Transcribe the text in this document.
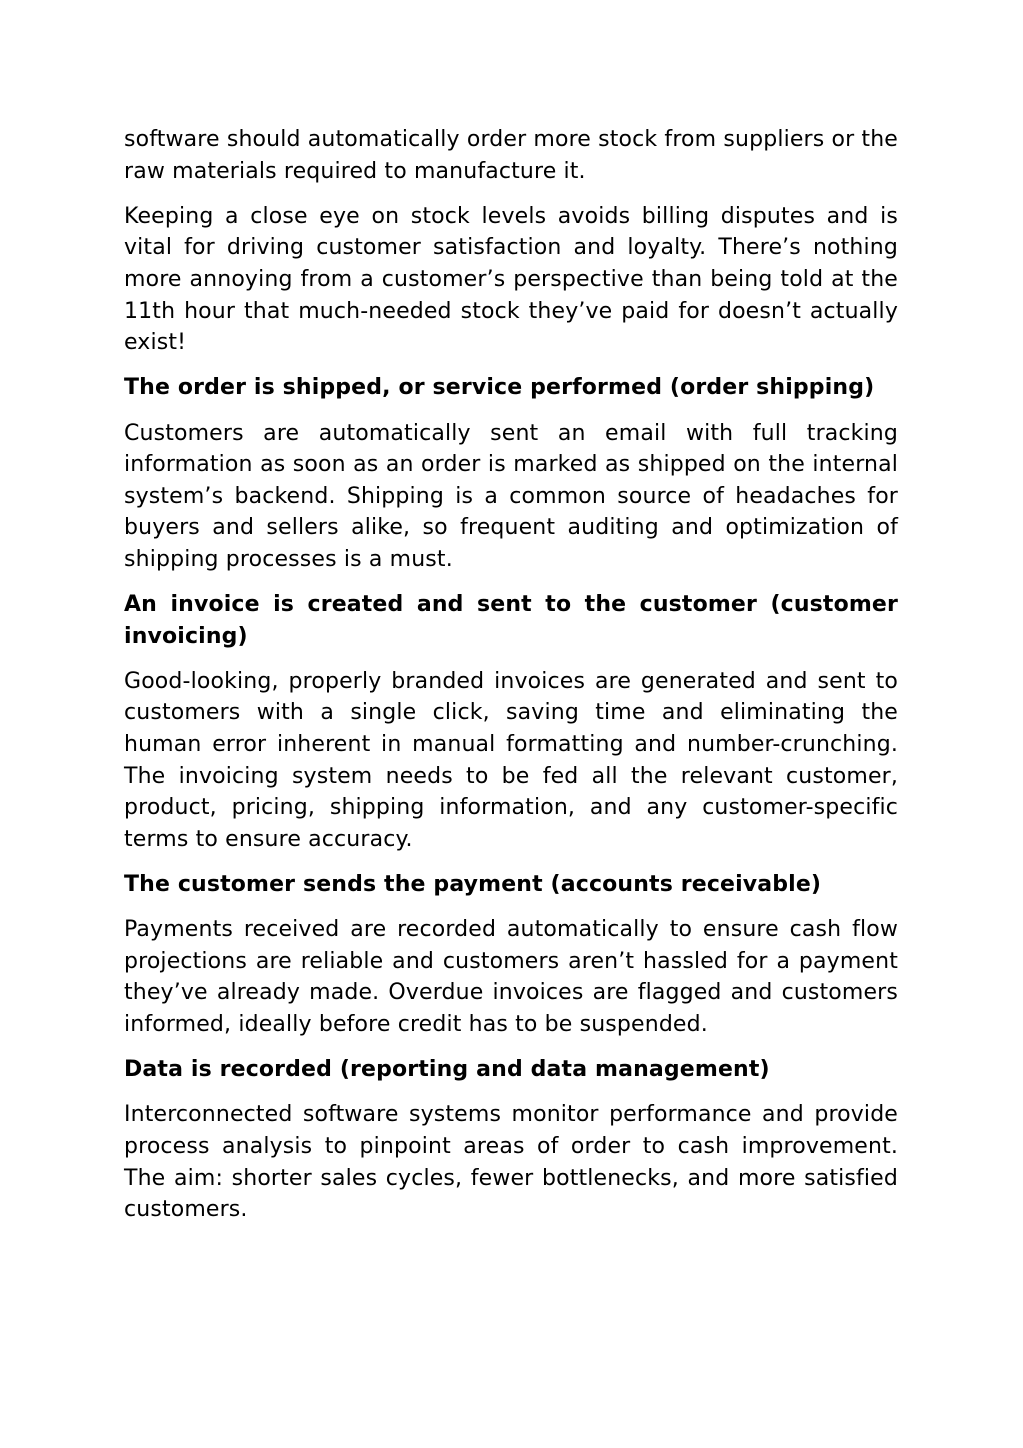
software should automatically order more stock from suppliers or the raw materials required to manufacture it.

Keeping a close eye on stock levels avoids billing disputes and is vital for driving customer satisfaction and loyalty. There’s nothing more annoying from a customer’s perspective than being told at the 11th hour that much-needed stock they’ve paid for doesn’t actually exist!

The order is shipped, or service performed (order shipping)

Customers are automatically sent an email with full tracking information as soon as an order is marked as shipped on the internal system’s backend. Shipping is a common source of headaches for buyers and sellers alike, so frequent auditing and optimization of shipping processes is a must.

An invoice is created and sent to the customer (customer invoicing)

Good-looking, properly branded invoices are generated and sent to customers with a single click, saving time and eliminating the human error inherent in manual formatting and number-crunching. The invoicing system needs to be fed all the relevant customer, product, pricing, shipping information, and any customer-specific terms to ensure accuracy.

The customer sends the payment (accounts receivable)

Payments received are recorded automatically to ensure cash flow projections are reliable and customers aren’t hassled for a payment they’ve already made. Overdue invoices are flagged and customers informed, ideally before credit has to be suspended.

Data is recorded (reporting and data management)

Interconnected software systems monitor performance and provide process analysis to pinpoint areas of order to cash improvement. The aim: shorter sales cycles, fewer bottlenecks, and more satisfied customers.
